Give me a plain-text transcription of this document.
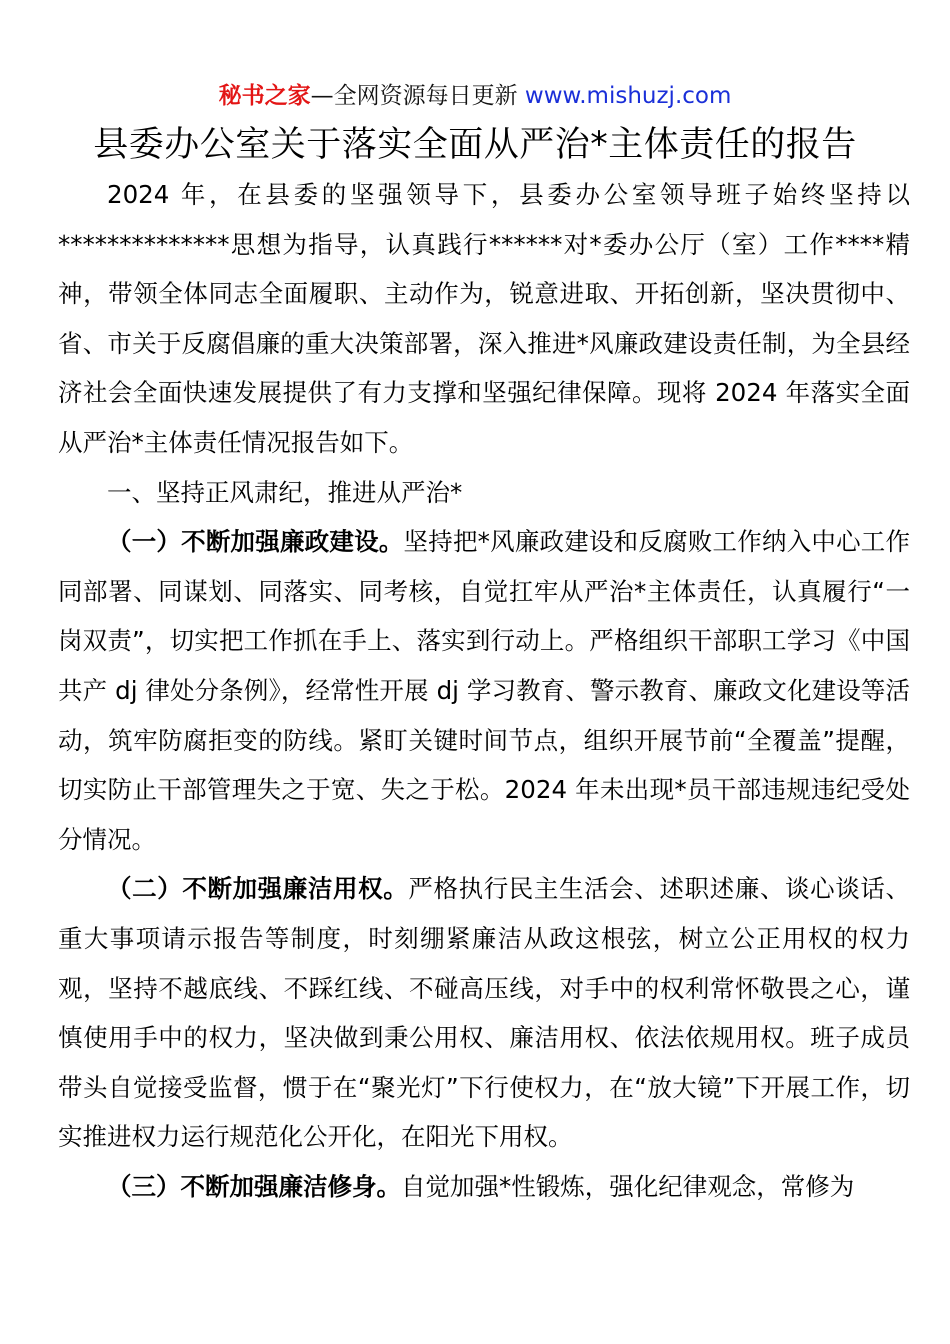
秘书之家—全网资源每日更新 www.mishuzj.com
县委办公室关于落实全面从严治*主体责任的报告

2024 年，在县委的坚强领导下，县委办公室领导班子始终坚持以**************思想为指导，认真践行******对*委办公厅（室）工作****精神，带领全体同志全面履职、主动作为，锐意进取、开拓创新，坚决贯彻中、省、市关于反腐倡廉的重大决策部署，深入推进*风廉政建设责任制，为全县经济社会全面快速发展提供了有力支撑和坚强纪律保障。现将 2024 年落实全面从严治*主体责任情况报告如下。

一、坚持正风肃纪，推进从严治*

（一）不断加强廉政建设。坚持把*风廉政建设和反腐败工作纳入中心工作同部署、同谋划、同落实、同考核，自觉扛牢从严治*主体责任，认真履行“一岗双责”，切实把工作抓在手上、落实到行动上。严格组织干部职工学习《中国共产 dj 律处分条例》，经常性开展 dj 学习教育、警示教育、廉政文化建设等活动，筑牢防腐拒变的防线。紧盯关键时间节点，组织开展节前“全覆盖”提醒，切实防止干部管理失之于宽、失之于松。2024 年未出现*员干部违规违纪受处分情况。

（二）不断加强廉洁用权。严格执行民主生活会、述职述廉、谈心谈话、重大事项请示报告等制度，时刻绷紧廉洁从政这根弦，树立公正用权的权力观，坚持不越底线、不踩红线、不碰高压线，对手中的权利常怀敬畏之心，谨慎使用手中的权力，坚决做到秉公用权、廉洁用权、依法依规用权。班子成员带头自觉接受监督，惯于在“聚光灯”下行使权力，在“放大镜”下开展工作，切实推进权力运行规范化公开化，在阳光下用权。

（三）不断加强廉洁修身。自觉加强*性锻炼，强化纪律观念，常修为
